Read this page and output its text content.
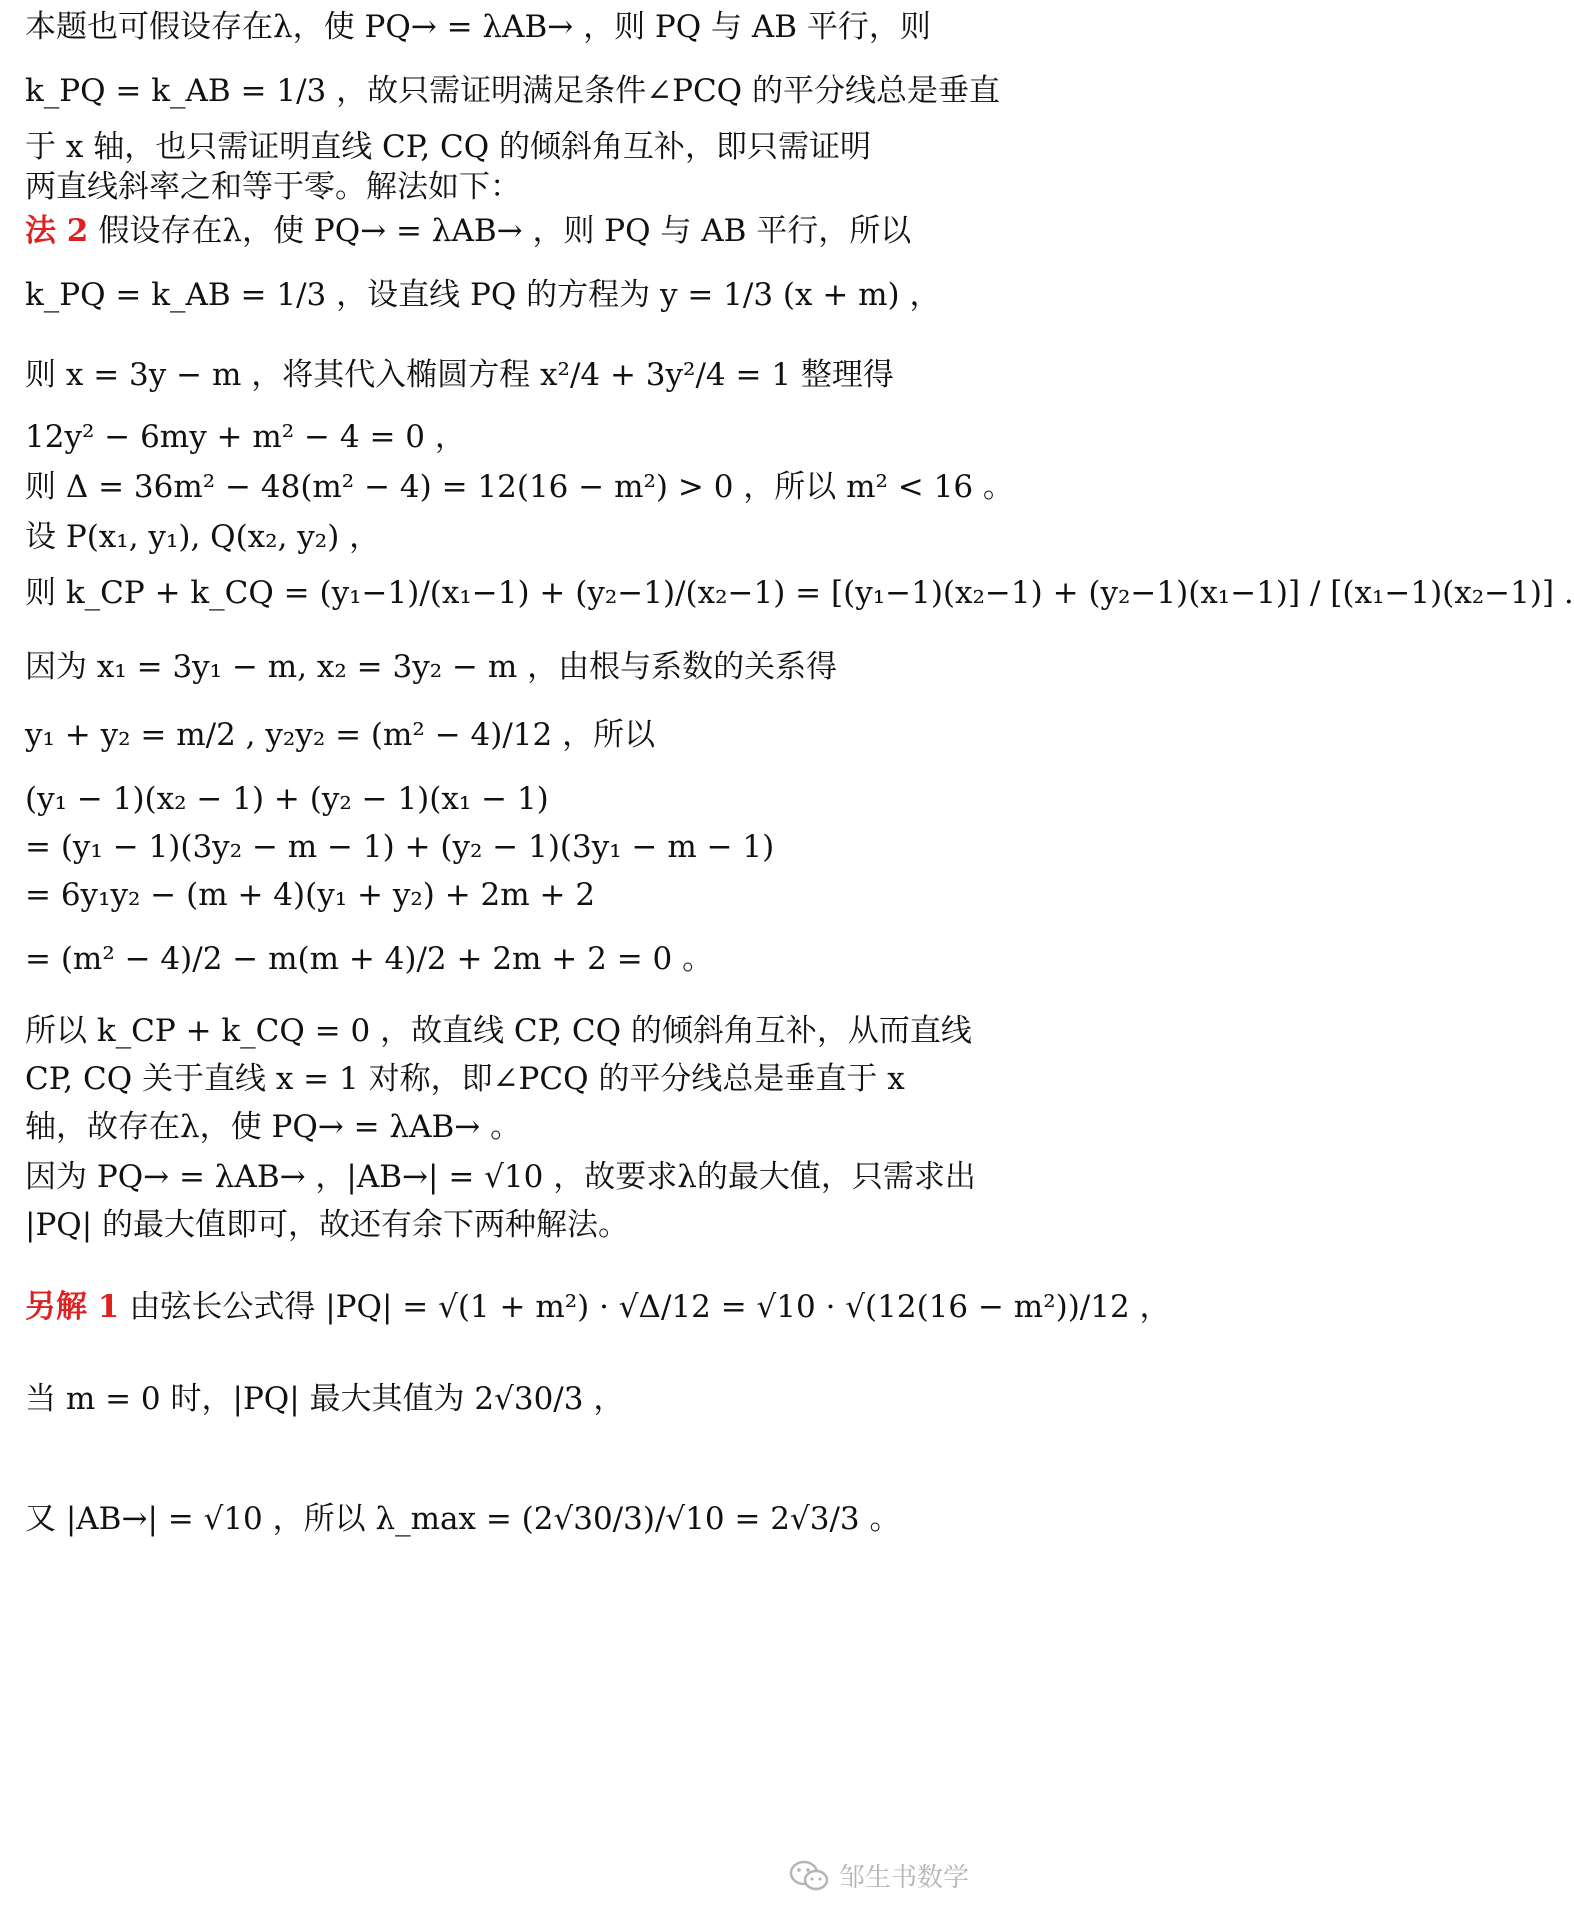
本题也可假设存在λ，使 PQ→ = λAB→ ，则 PQ 与 AB 平行，则
k_PQ = k_AB = 1/3 ，故只需证明满足条件∠PCQ 的平分线总是垂直
于 x 轴，也只需证明直线 CP, CQ 的倾斜角互补，即只需证明
两直线斜率之和等于零。解法如下：
法 2 假设存在λ，使 PQ→ = λAB→ ，则 PQ 与 AB 平行，所以
k_PQ = k_AB = 1/3 ，设直线 PQ 的方程为 y = 1/3 (x + m) ，
则 x = 3y − m ，将其代入椭圆方程 x²/4 + 3y²/4 = 1 整理得
12y² − 6my + m² − 4 = 0 ，
则 Δ = 36m² − 48(m² − 4) = 12(16 − m²) > 0 ，所以 m² < 16 。
设 P(x₁, y₁), Q(x₂, y₂) ，
则 k_CP + k_CQ = (y₁−1)/(x₁−1) + (y₂−1)/(x₂−1) = [(y₁−1)(x₂−1) + (y₂−1)(x₁−1)] / [(x₁−1)(x₂−1)] .
因为 x₁ = 3y₁ − m, x₂ = 3y₂ − m ，由根与系数的关系得
y₁ + y₂ = m/2 , y₂y₂ = (m² − 4)/12 ，所以
(y₁ − 1)(x₂ − 1) + (y₂ − 1)(x₁ − 1)
= (y₁ − 1)(3y₂ − m − 1) + (y₂ − 1)(3y₁ − m − 1)
= 6y₁y₂ − (m + 4)(y₁ + y₂) + 2m + 2
= (m² − 4)/2 − m(m + 4)/2 + 2m + 2 = 0 。
所以 k_CP + k_CQ = 0 ，故直线 CP, CQ 的倾斜角互补，从而直线
CP, CQ 关于直线 x = 1 对称，即∠PCQ 的平分线总是垂直于 x
轴，故存在λ，使 PQ→ = λAB→ 。
因为 PQ→ = λAB→ ，|AB→| = √10 ，故要求λ的最大值，只需求出
|PQ| 的最大值即可，故还有余下两种解法。
另解 1 由弦长公式得 |PQ| = √(1 + m²) · √Δ/12 = √10 · √(12(16 − m²))/12 ，
当 m = 0 时，|PQ| 最大其值为 2√30/3 ，
又 |AB→| = √10 ，所以 λ_max = (2√30/3)/√10 = 2√3/3 。
邹生书数学
